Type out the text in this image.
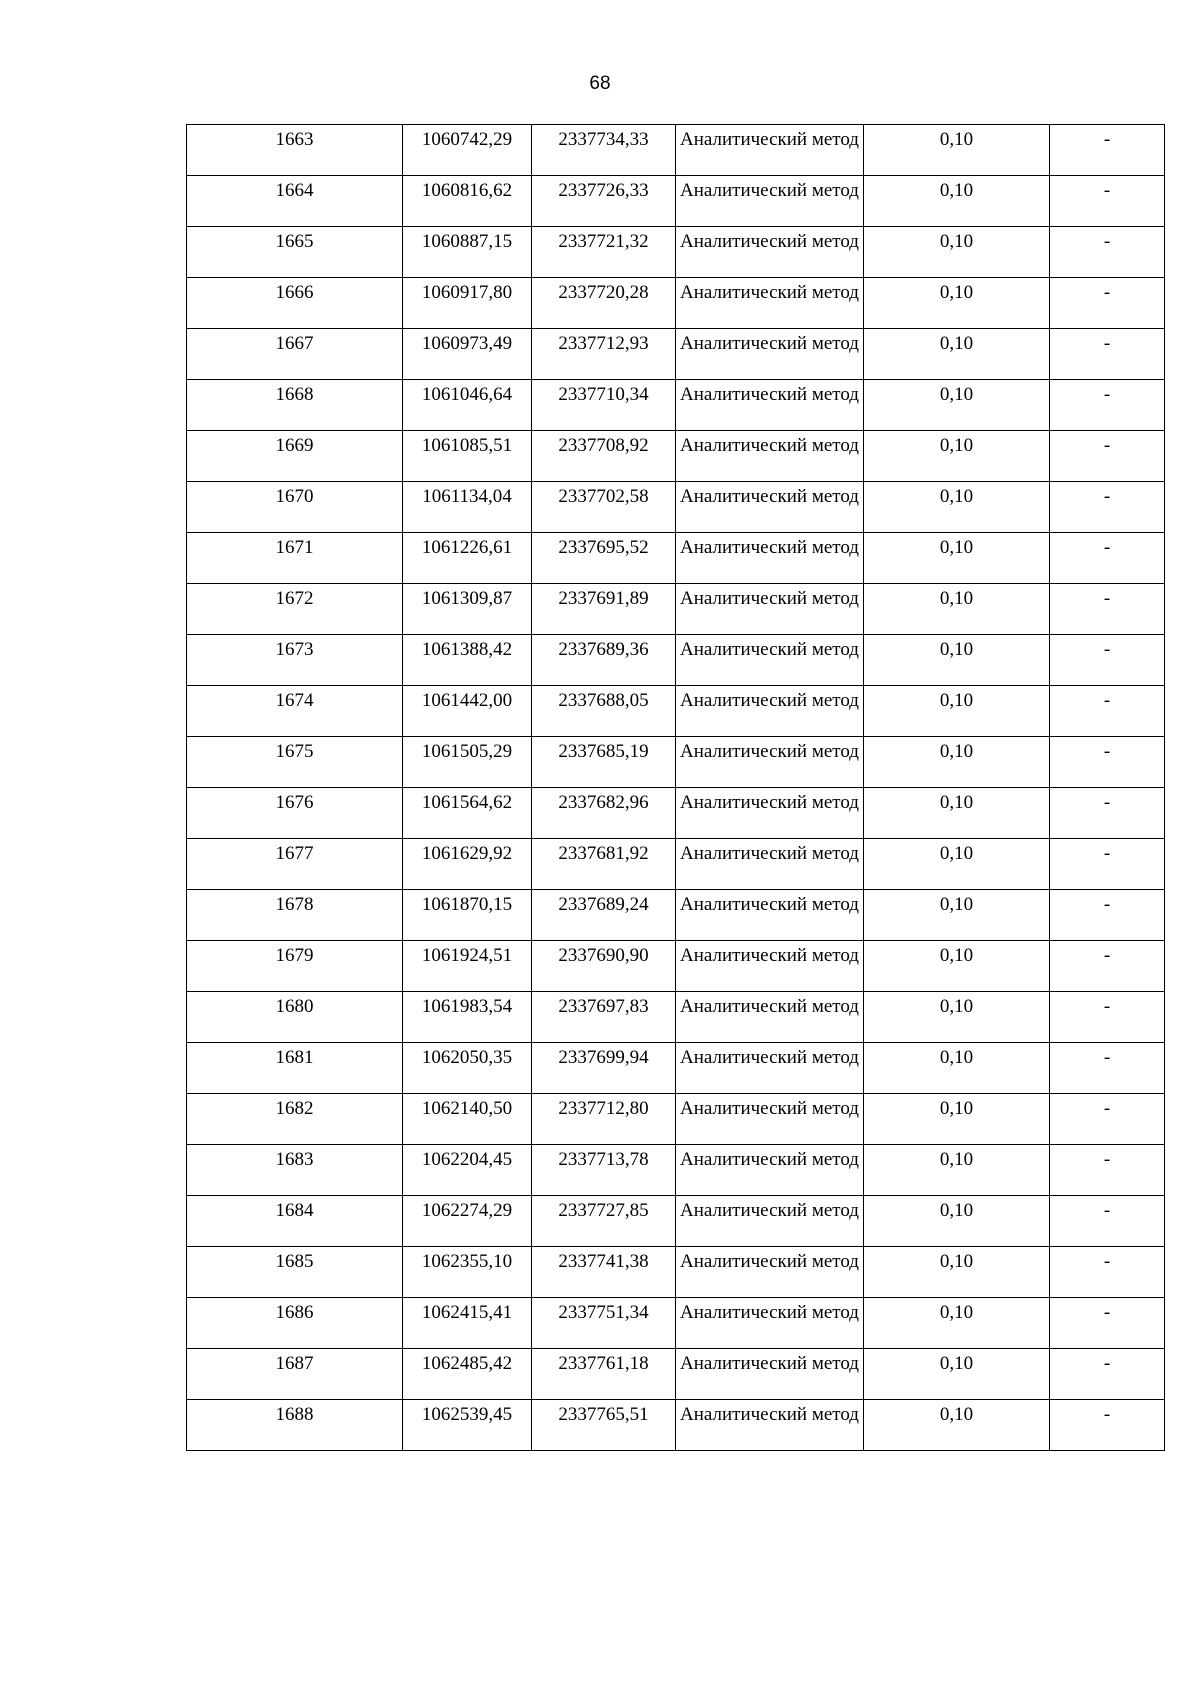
68
1663	1060742,29	2337734,33	Аналитический метод	0,10	-

1664	1060816,62	2337726,33	Аналитический метод	0,10	-

1665	1060887,15	2337721,32	Аналитический метод	0,10	-

1666	1060917,80	2337720,28	Аналитический метод	0,10	-

1667	1060973,49	2337712,93	Аналитический метод	0,10	-

1668	1061046,64	2337710,34	Аналитический метод	0,10	-

1669	1061085,51	2337708,92	Аналитический метод	0,10	-

1670	1061134,04	2337702,58	Аналитический метод	0,10	-

1671	1061226,61	2337695,52	Аналитический метод	0,10	-

1672	1061309,87	2337691,89	Аналитический метод	0,10	-

1673	1061388,42	2337689,36	Аналитический метод	0,10	-

1674	1061442,00	2337688,05	Аналитический метод	0,10	-

1675	1061505,29	2337685,19	Аналитический метод	0,10	-

1676	1061564,62	2337682,96	Аналитический метод	0,10	-

1677	1061629,92	2337681,92	Аналитический метод	0,10	-

1678	1061870,15	2337689,24	Аналитический метод	0,10	-

1679	1061924,51	2337690,90	Аналитический метод	0,10	-

1680	1061983,54	2337697,83	Аналитический метод	0,10	-

1681	1062050,35	2337699,94	Аналитический метод	0,10	-

1682	1062140,50	2337712,80	Аналитический метод	0,10	-

1683	1062204,45	2337713,78	Аналитический метод	0,10	-

1684	1062274,29	2337727,85	Аналитический метод	0,10	-

1685	1062355,10	2337741,38	Аналитический метод	0,10	-

1686	1062415,41	2337751,34	Аналитический метод	0,10	-

1687	1062485,42	2337761,18	Аналитический метод	0,10	-

1688	1062539,45	2337765,51	Аналитический метод	0,10	-
